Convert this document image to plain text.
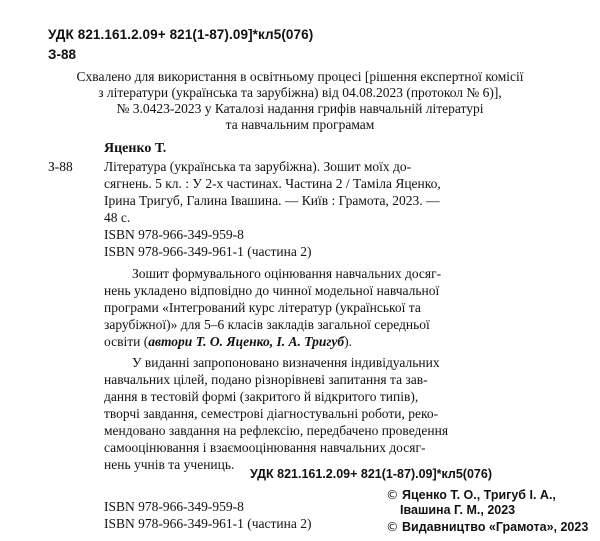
УДК 821.161.2.09+ 821(1-87).09]*кл5(076)
З-88
Схвалено для використання в освітньому процесі [рішення експертної комісії
з літератури (українська та зарубіжна) від 04.08.2023 (протокол № 6)],
№ 3.0423-2023 у Каталозі надання грифів навчальній літературі
та навчальним програмам
Яценко Т.
З-88 Література (українська та зарубіжна). Зошит моїх до-
сягнень. 5 кл. : У 2-х частинах. Частина 2 / Таміла Яценко,
Ірина Тригуб, Галина Івашина. — Київ : Грамота, 2023. —
48 с.
ISBN 978-966-349-959-8
ISBN 978-966-349-961-1 (частина 2)
Зошит формувального оцінювання навчальних досяг-
нень укладено відповідно до чинної модельної навчальної
програми «Інтегрований курс літератур (української та
зарубіжної)» для 5–6 класів закладів загальної середньої
освіти (автори Т. О. Яценко, І. А. Тригуб).
У виданні запропоновано визначення індивідуальних
навчальних цілей, подано різнорівневі запитання та зав-
дання в тестовій формі (закритого й відкритого типів),
творчі завдання, семестрові діагностувальні роботи, реко-
мендовано завдання на рефлексію, передбачено проведення
самооцінювання і взаємооцінювання навчальних досяг-
нень учнів та учениць.
УДК 821.161.2.09+ 821(1-87).09]*кл5(076)
ISBN 978-966-349-959-8
ISBN 978-966-349-961-1 (частина 2)
© Яценко Т. О., Тригуб І. А.,
Івашина Г. М., 2023
© Видавництво «Грамота», 2023
